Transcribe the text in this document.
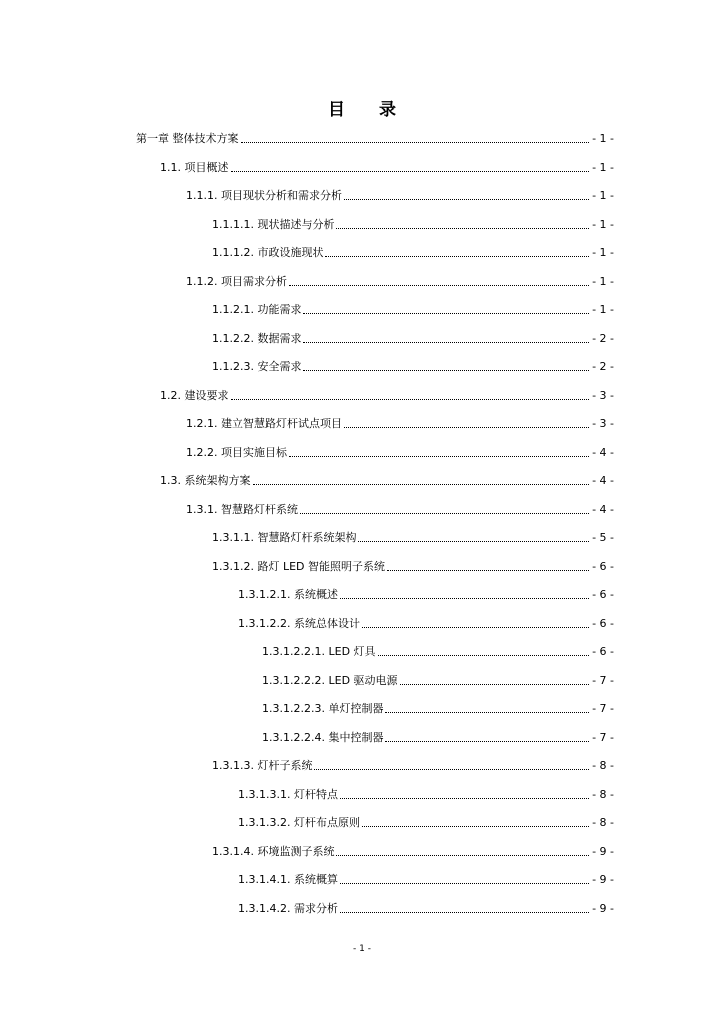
目 录
第一章 整体技术方案	- 1 -
1.1. 项目概述	- 1 -
1.1.1. 项目现状分析和需求分析	- 1 -
1.1.1.1. 现状描述与分析	- 1 -
1.1.1.2. 市政设施现状	- 1 -
1.1.2. 项目需求分析	- 1 -
1.1.2.1. 功能需求	- 1 -
1.1.2.2. 数据需求	- 2 -
1.1.2.3. 安全需求	- 2 -
1.2. 建设要求	- 3 -
1.2.1. 建立智慧路灯杆试点项目	- 3 -
1.2.2. 项目实施目标	- 4 -
1.3. 系统架构方案	- 4 -
1.3.1. 智慧路灯杆系统	- 4 -
1.3.1.1. 智慧路灯杆系统架构	- 5 -
1.3.1.2. 路灯 LED 智能照明子系统	- 6 -
1.3.1.2.1. 系统概述	- 6 -
1.3.1.2.2. 系统总体设计	- 6 -
1.3.1.2.2.1. LED 灯具	- 6 -
1.3.1.2.2.2. LED 驱动电源	- 7 -
1.3.1.2.2.3. 单灯控制器	- 7 -
1.3.1.2.2.4. 集中控制器	- 7 -
1.3.1.3. 灯杆子系统	- 8 -
1.3.1.3.1. 灯杆特点	- 8 -
1.3.1.3.2. 灯杆布点原则	- 8 -
1.3.1.4. 环境监测子系统	- 9 -
1.3.1.4.1. 系统概算	- 9 -
1.3.1.4.2. 需求分析	- 9 -
- 1 -
